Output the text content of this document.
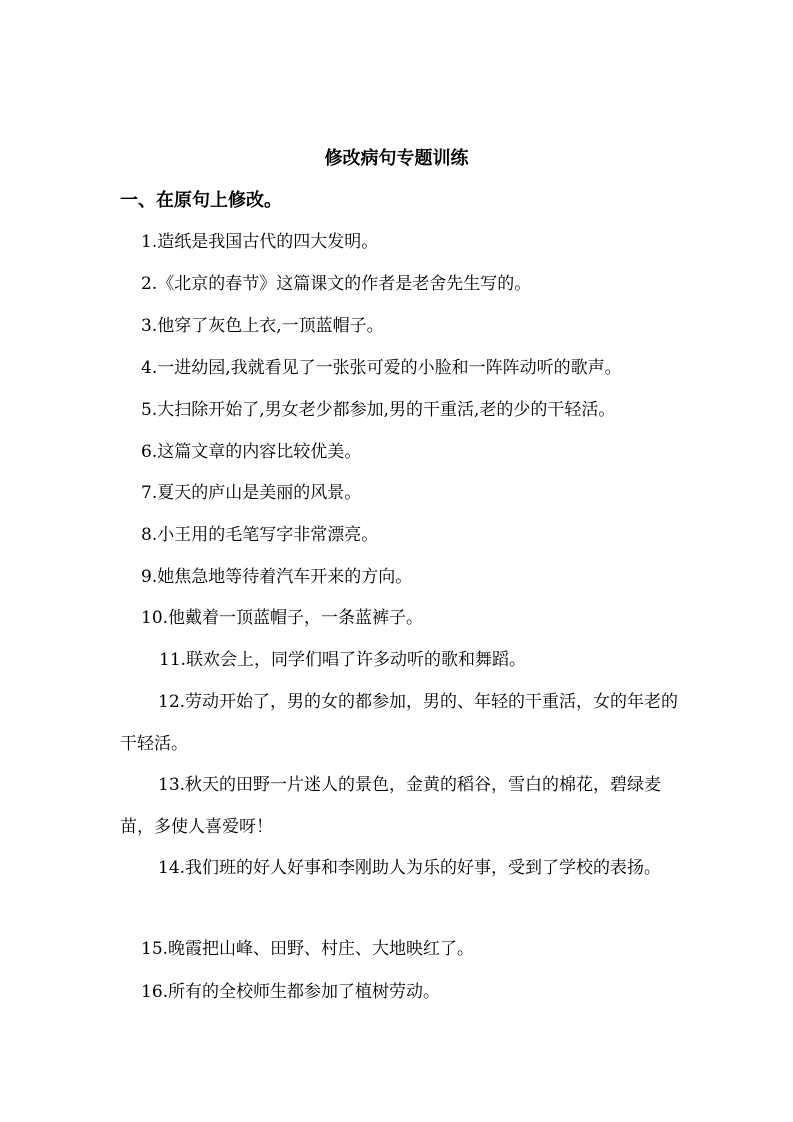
修改病句专题训练
一、在原句上修改。
1.造纸是我国古代的四大发明。
2.《北京的春节》这篇课文的作者是老舍先生写的。
3.他穿了灰色上衣,一顶蓝帽子。
4.一进幼园,我就看见了一张张可爱的小脸和一阵阵动听的歌声。
5.大扫除开始了,男女老少都参加,男的干重活,老的少的干轻活。
6.这篇文章的内容比较优美。
7.夏天的庐山是美丽的风景。
8.小王用的毛笔写字非常漂亮。
9.她焦急地等待着汽车开来的方向。
10.他戴着一顶蓝帽子，一条蓝裤子。
11.联欢会上，同学们唱了许多动听的歌和舞蹈。
12.劳动开始了，男的女的都参加，男的、年轻的干重活，女的年老的干轻活。
13.秋天的田野一片迷人的景色，金黄的稻谷，雪白的棉花，碧绿麦苗，多使人喜爱呀！
14.我们班的好人好事和李刚助人为乐的好事，受到了学校的表扬。
15.晚霞把山峰、田野、村庄、大地映红了。
16.所有的全校师生都参加了植树劳动。
